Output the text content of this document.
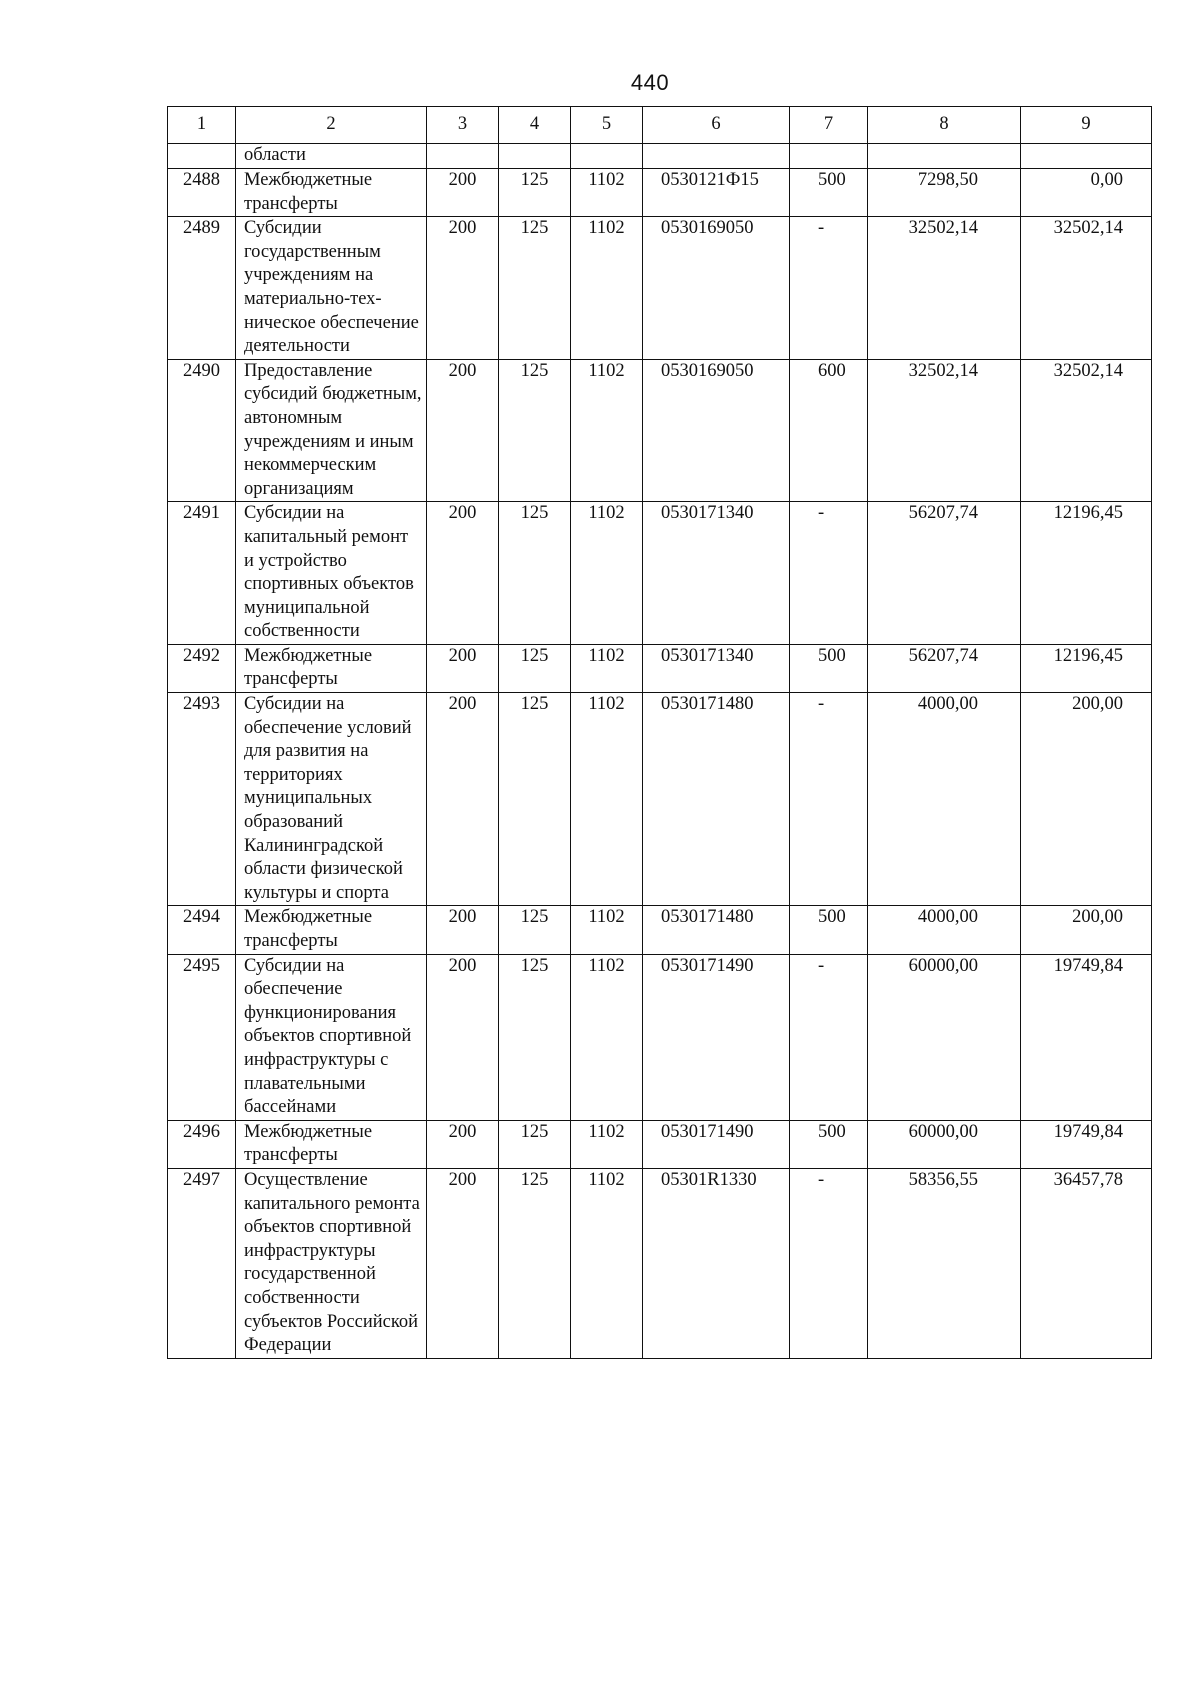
440
1	2	3	4	5	6	7	8	9
	области							
2488	Межбюджетные трансферты	200	125	1102	0530121Ф15	500	7298,50	0,00
2489	Субсидии государственным учреждениям на материально-тех-ническое обеспечение деятельности	200	125	1102	0530169050	-	32502,14	32502,14
2490	Предоставление субсидий бюджетным, автономным учреждениям и иным некоммерческим организациям	200	125	1102	0530169050	600	32502,14	32502,14
2491	Субсидии на капитальный ремонт и устройство спортивных объектов муниципальной собственности	200	125	1102	0530171340	-	56207,74	12196,45
2492	Межбюджетные трансферты	200	125	1102	0530171340	500	56207,74	12196,45
2493	Субсидии на обеспечение условий для развития на территориях муниципальных образований Калининградской области физической культуры и спорта	200	125	1102	0530171480	-	4000,00	200,00
2494	Межбюджетные трансферты	200	125	1102	0530171480	500	4000,00	200,00
2495	Субсидии на обеспечение функционирования объектов спортивной инфраструктуры с плавательными бассейнами	200	125	1102	0530171490	-	60000,00	19749,84
2496	Межбюджетные трансферты	200	125	1102	0530171490	500	60000,00	19749,84
2497	Осуществление капитального ремонта объектов спортивной инфраструктуры государственной собственности субъектов Российской Федерации	200	125	1102	05301R1330	-	58356,55	36457,78
